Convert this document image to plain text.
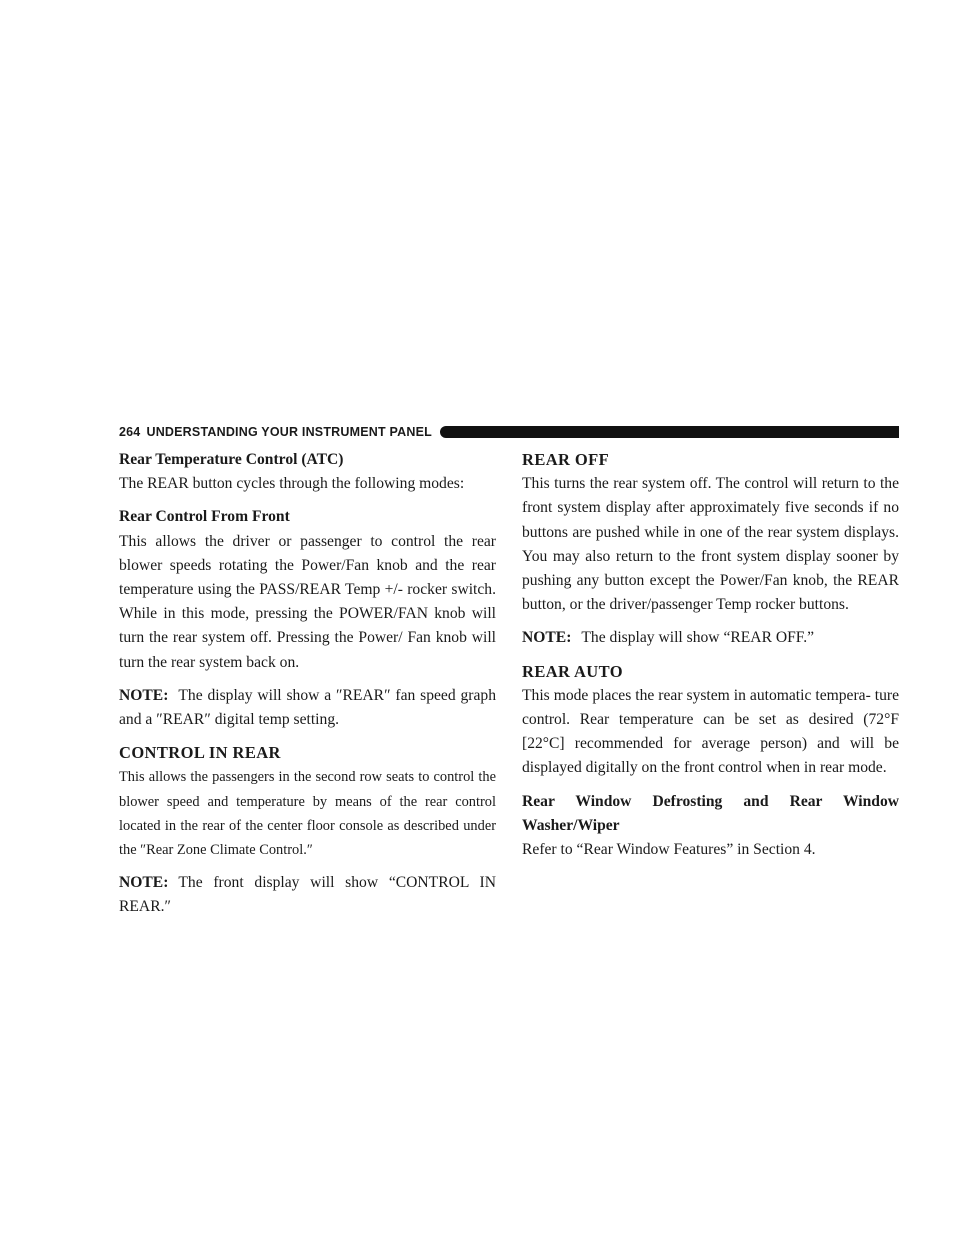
264 UNDERSTANDING YOUR INSTRUMENT PANEL

Rear Temperature Control (ATC)

The REAR button cycles through the following modes:

Rear Control From Front

This allows the driver or passenger to control the rear blower speeds rotating the Power/Fan knob and the rear temperature using the PASS/REAR Temp +/- rocker switch. While in this mode, pressing the POWER/FAN knob will turn the rear system off. Pressing the Power/ Fan knob will turn the rear system back on.

NOTE: The display will show a ″REAR″ fan speed graph and a ″REAR″ digital temp setting.

CONTROL IN REAR

This allows the passengers in the second row seats to control the blower speed and temperature by means of the rear control located in the rear of the center floor console as described under the ″Rear Zone Climate Control.″

NOTE: The front display will show “CONTROL IN REAR.″

REAR OFF

This turns the rear system off. The control will return to the front system display after approximately five seconds if no buttons are pushed while in one of the rear system displays. You may also return to the front system display sooner by pushing any button except the Power/Fan knob, the REAR button, or the driver/passenger Temp rocker buttons.

NOTE: The display will show “REAR OFF.”

REAR AUTO

This mode places the rear system in automatic tempera- ture control. Rear temperature can be set as desired (72°F [22°C] recommended for average person) and will be displayed digitally on the front control when in rear mode.

Rear Window Defrosting and Rear Window Washer/Wiper

Refer to “Rear Window Features” in Section 4.
